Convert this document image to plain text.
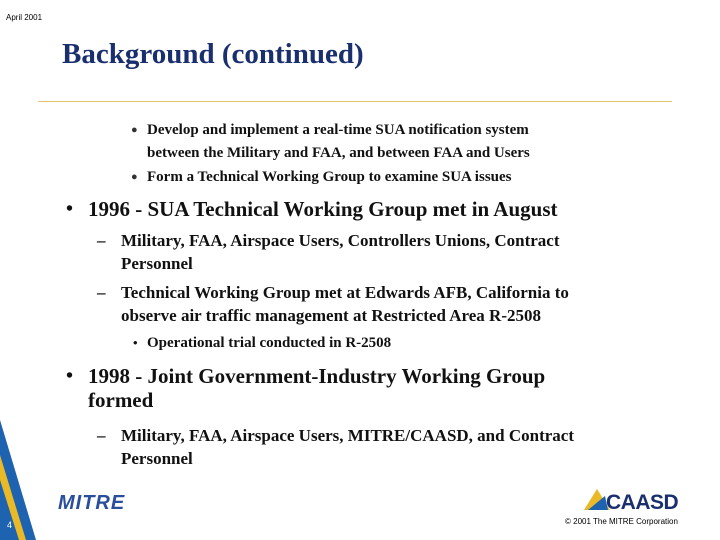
April 2001
Background (continued)
● Develop and implement a real-time SUA notification system
between the Military and FAA, and between FAA and Users
● Form a Technical Working Group to examine SUA issues
• 1996 - SUA Technical Working Group met in August
– Military, FAA, Airspace Users, Controllers Unions, Contract
Personnel
– Technical Working Group met at Edwards AFB, California to
observe air traffic management at Restricted Area R-2508
• Operational trial conducted in R-2508
• 1998 - Joint Government-Industry Working Group
formed
– Military, FAA, Airspace Users, MITRE/CAASD, and Contract
Personnel
4
MITRE	CAASD
© 2001 The MITRE Corporation
